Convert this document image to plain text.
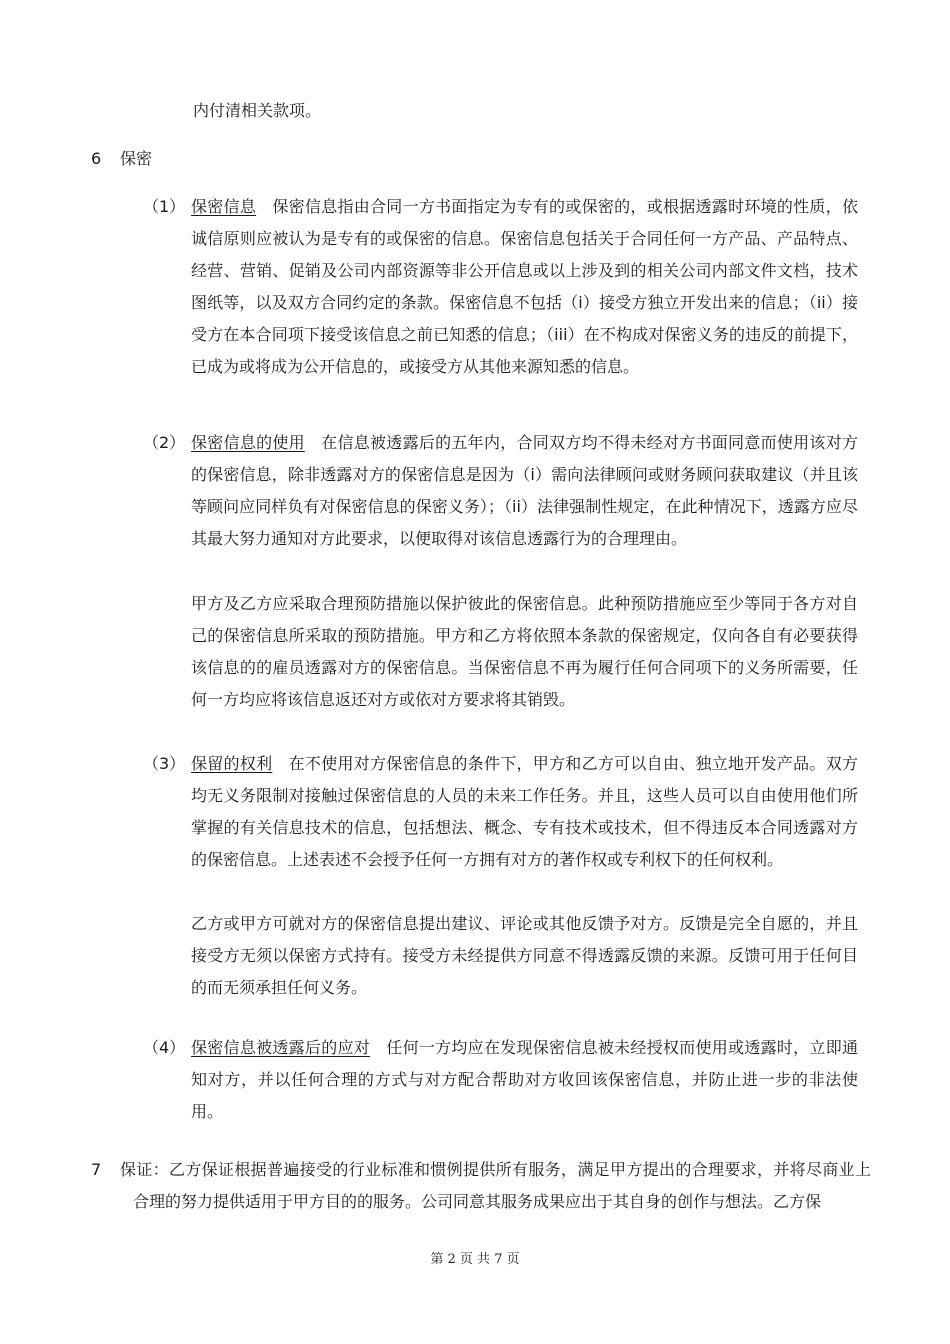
内付清相关款项。
6 保密
（1） 保密信息  保密信息指由合同一方书面指定为专有的或保密的，或根据透露时环境的性质，依诚信原则应被认为是专有的或保密的信息。保密信息包括关于合同任何一方产品、产品特点、经营、营销、促销及公司内部资源等非公开信息或以上涉及到的相关公司内部文件文档，技术图纸等，以及双方合同约定的条款。保密信息不包括（i）接受方独立开发出来的信息；（ii）接受方在本合同项下接受该信息之前已知悉的信息；（iii）在不构成对保密义务的违反的前提下，已成为或将成为公开信息的，或接受方从其他来源知悉的信息。

（2） 保密信息的使用  在信息被透露后的五年内，合同双方均不得未经对方书面同意而使用该对方的保密信息，除非透露对方的保密信息是因为（i）需向法律顾问或财务顾问获取建议（并且该等顾问应同样负有对保密信息的保密义务）；（ii）法律强制性规定，在此种情况下，透露方应尽其最大努力通知对方此要求，以便取得对该信息透露行为的合理理由。

甲方及乙方应采取合理预防措施以保护彼此的保密信息。此种预防措施应至少等同于各方对自己的保密信息所采取的预防措施。甲方和乙方将依照本条款的保密规定，仅向各自有必要获得该信息的的雇员透露对方的保密信息。当保密信息不再为履行任何合同项下的义务所需要，任何一方均应将该信息返还对方或依对方要求将其销毁。

（3） 保留的权利  在不使用对方保密信息的条件下，甲方和乙方可以自由、独立地开发产品。双方均无义务限制对接触过保密信息的人员的未来工作任务。并且，这些人员可以自由使用他们所掌握的有关信息技术的信息，包括想法、概念、专有技术或技术，但不得违反本合同透露对方的保密信息。上述表述不会授予任何一方拥有对方的著作权或专利权下的任何权利。

乙方或甲方可就对方的保密信息提出建议、评论或其他反馈予对方。反馈是完全自愿的，并且接受方无须以保密方式持有。接受方未经提供方同意不得透露反馈的来源。反馈可用于任何目的而无须承担任何义务。

（4） 保密信息被透露后的应对  任何一方均应在发现保密信息被未经授权而使用或透露时，立即通知对方，并以任何合理的方式与对方配合帮助对方收回该保密信息，并防止进一步的非法使用。

7 保证：乙方保证根据普遍接受的行业标准和惯例提供所有服务，满足甲方提出的合理要求，并将尽商业上合理的努力提供适用于甲方目的的服务。公司同意其服务成果应出于其自身的创作与想法。乙方保

第 2 页 共 7 页
